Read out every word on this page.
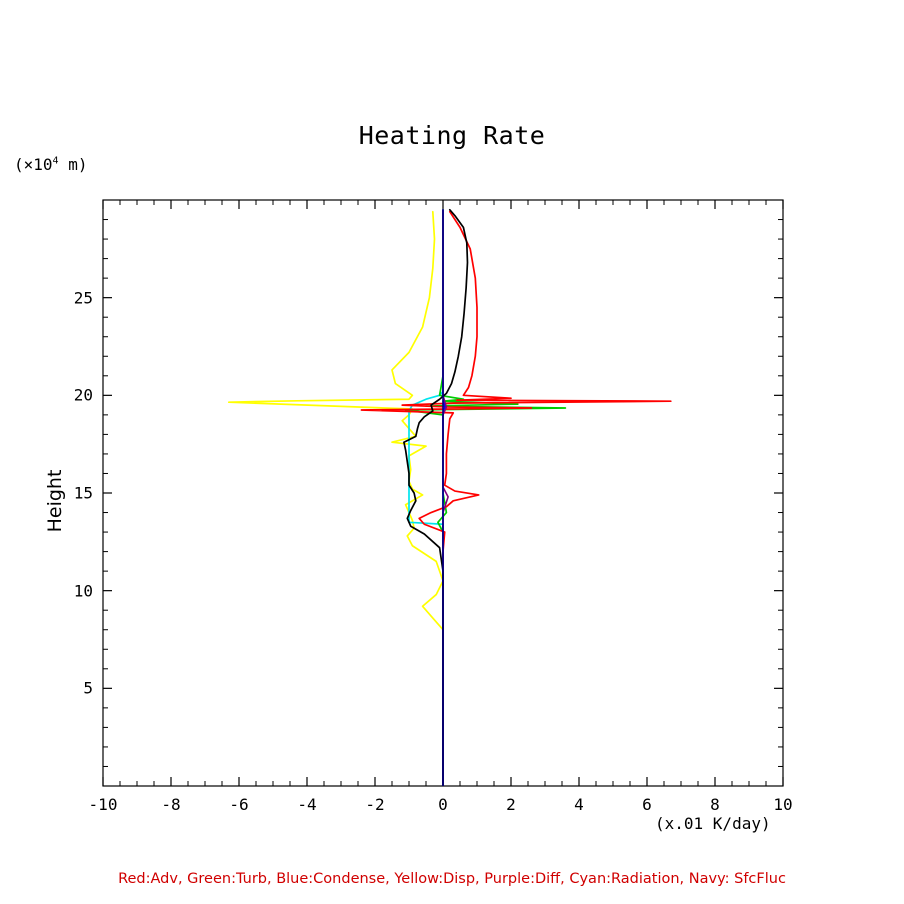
Heating Rate
($\times 10^4$ m)
Height
(x.01 K/day)
-10	-8	-6	-4	-2	0	2	4	6	8	10
5
10
15
20
25
Red:Adv, Green:Turb, Blue:Condense, Yellow:Disp, Purple:Diff, Cyan:Radiation, Navy: SfcFluc
